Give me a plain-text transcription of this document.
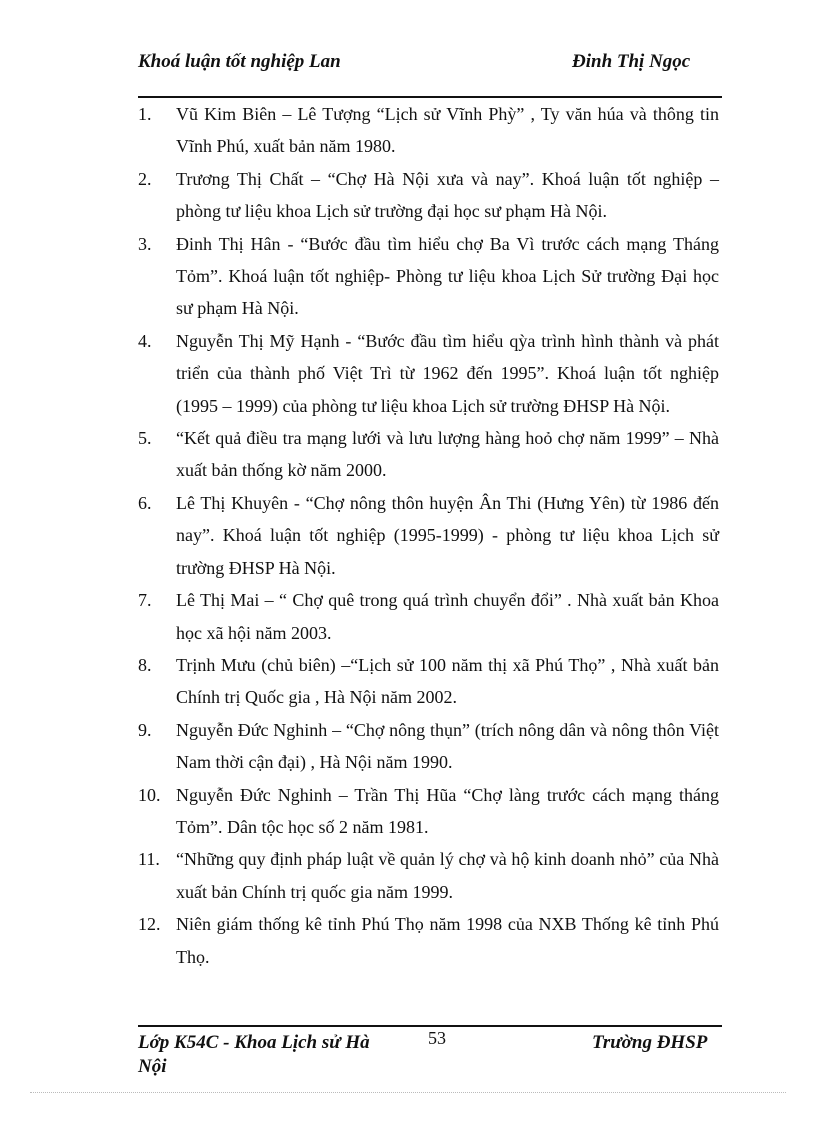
Khoá luận tốt nghiệp Lan	Đinh Thị Ngọc
1. Vũ Kim Biên – Lê Tượng “Lịch sử Vĩnh Phỳ” , Ty văn húa và thông tin Vĩnh Phú, xuất bản năm 1980.
2. Trương Thị Chất – “Chợ Hà Nội xưa và nay”. Khoá luận tốt nghiệp – phòng tư liệu khoa Lịch sử trường đại học sư phạm Hà Nội.
3. Đinh Thị Hân - “Bước đầu tìm hiểu chợ Ba Vì trước cách mạng Tháng Tỏm”. Khoá luận tốt nghiệp- Phòng tư liệu khoa Lịch Sử trường Đại học sư phạm Hà Nội.
4. Nguyễn Thị Mỹ Hạnh - “Bước đầu tìm hiểu qỳa trình hình thành và phát triển của thành phố Việt Trì từ 1962 đến 1995”. Khoá luận tốt nghiệp (1995 – 1999) của phòng tư liệu khoa Lịch sử trường ĐHSP Hà Nội.
5. “Kết quả điều tra mạng lưới và lưu lượng hàng hoỏ chợ năm 1999” – Nhà xuất bản thống kờ năm 2000.
6. Lê Thị Khuyên - “Chợ nông thôn huyện Ân Thi (Hưng Yên) từ 1986 đến nay”. Khoá luận tốt nghiệp (1995-1999) - phòng tư liệu khoa Lịch sử trường ĐHSP Hà Nội.
7. Lê Thị Mai – “ Chợ quê trong quá trình chuyển đổi” . Nhà xuất bản Khoa học xã hội năm 2003.
8. Trịnh Mưu (chủ biên) –“Lịch sử 100 năm thị xã Phú Thọ” , Nhà xuất bản Chính trị Quốc gia , Hà Nội năm 2002.
9. Nguyễn Đức Nghinh – “Chợ nông thụn” (trích nông dân và nông thôn Việt Nam thời cận đại) , Hà Nội năm 1990.
10. Nguyễn Đức Nghinh – Trần Thị Hũa “Chợ làng trước cách mạng tháng Tỏm”. Dân tộc học số 2 năm 1981.
11. “Những quy định pháp luật về quản lý chợ và hộ kinh doanh nhỏ” của Nhà xuất bản Chính trị quốc gia năm 1999.
12. Niên giám thống kê tỉnh Phú Thọ năm 1998 của NXB Thống kê tỉnh Phú Thọ.
Lớp K54C - Khoa Lịch sử Hà Nội
53	Trường ĐHSP
